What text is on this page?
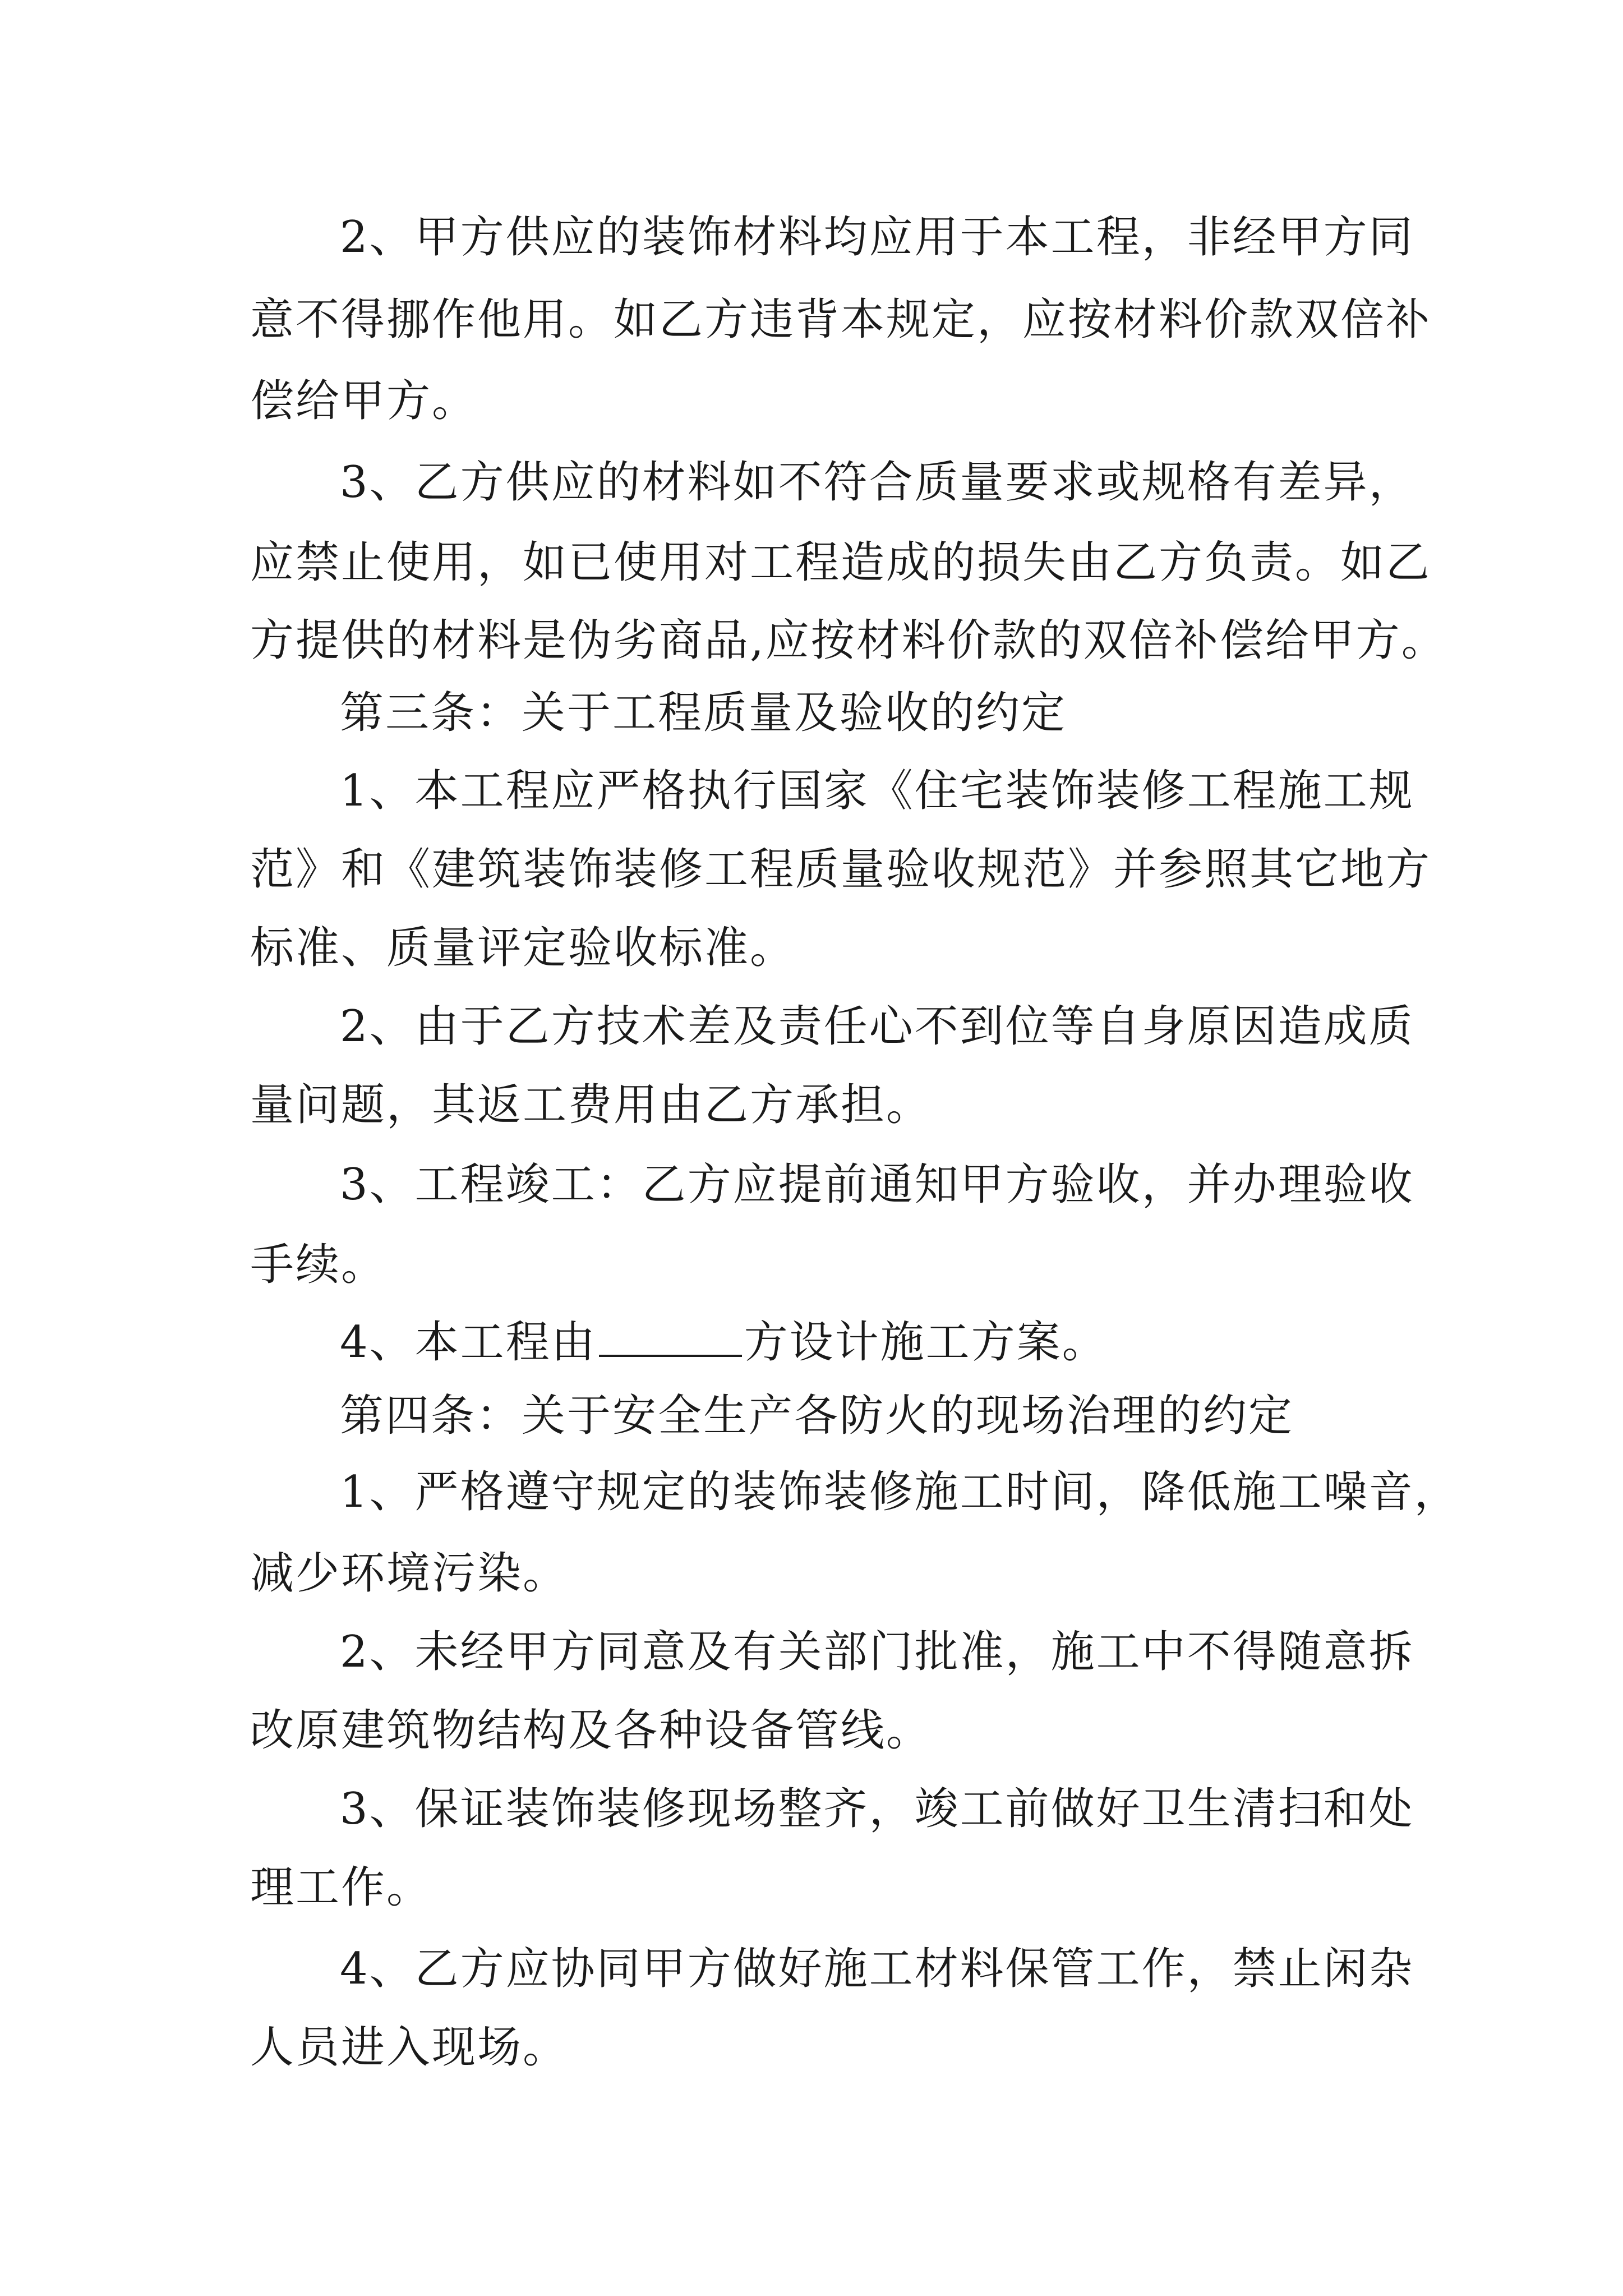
2、甲方供应的装饰材料均应用于本工程，非经甲方同
意不得挪作他用。如乙方违背本规定，应按材料价款双倍补
偿给甲方。
3、乙方供应的材料如不符合质量要求或规格有差异，
应禁止使用，如已使用对工程造成的损失由乙方负责。如乙
方提供的材料是伪劣商品,应按材料价款的双倍补偿给甲方。
第三条：关于工程质量及验收的约定
1、本工程应严格执行国家《住宅装饰装修工程施工规
范》和《建筑装饰装修工程质量验收规范》并参照其它地方
标准、质量评定验收标准。
2、由于乙方技术差及责任心不到位等自身原因造成质
量问题，其返工费用由乙方承担。
3、工程竣工：乙方应提前通知甲方验收，并办理验收
手续。
4、本工程由	方设计施工方案。
第四条：关于安全生产各防火的现场治理的约定
1、严格遵守规定的装饰装修施工时间，降低施工噪音，
减少环境污染。
2、未经甲方同意及有关部门批准，施工中不得随意拆
改原建筑物结构及各种设备管线。
3、保证装饰装修现场整齐，竣工前做好卫生清扫和处
理工作。
4、乙方应协同甲方做好施工材料保管工作，禁止闲杂
人员进入现场。
